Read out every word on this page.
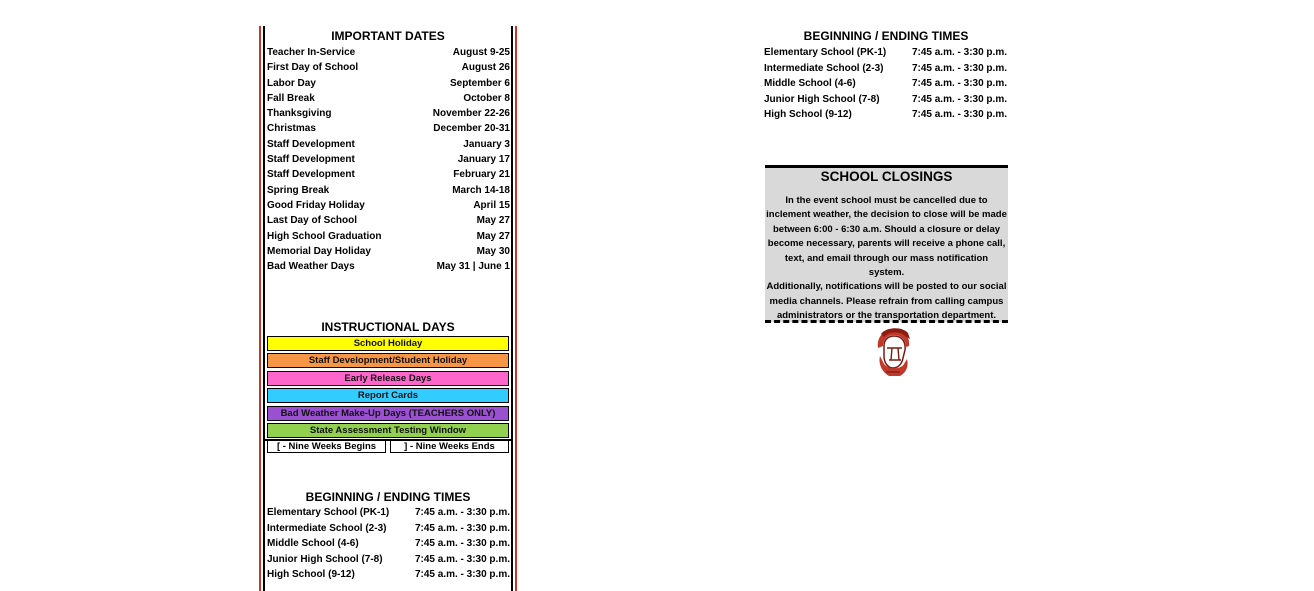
IMPORTANT DATES
Teacher In-Service	August 9-25
First Day of School	August 26
Labor Day	September 6
Fall Break	October 8
Thanksgiving	November 22-26
Christmas	December 20-31
Staff Development	January 3
Staff Development	January 17
Staff Development	February 21
Spring Break	March 14-18
Good Friday Holiday	April 15
Last Day of School	May 27
High School Graduation	May 27
Memorial Day Holiday	May 30
Bad Weather Days	May 31 | June 1
INSTRUCTIONAL DAYS
School Holiday
Staff Development/Student Holiday
Early Release Days
Report Cards
Bad Weather Make-Up Days (TEACHERS ONLY)
State Assessment Testing Window
[ - Nine Weeks Begins	] - Nine Weeks Ends
BEGINNING / ENDING TIMES
Elementary School (PK-1)	7:45 a.m. - 3:30 p.m.
Intermediate School (2-3)	7:45 a.m. - 3:30 p.m.
Middle School (4-6)	7:45 a.m. - 3:30 p.m.
Junior High School (7-8)	7:45 a.m. - 3:30 p.m.
High School (9-12)	7:45 a.m. - 3:30 p.m.
BEGINNING / ENDING TIMES
Elementary School (PK-1)	7:45 a.m. - 3:30 p.m.
Intermediate School (2-3)	7:45 a.m. - 3:30 p.m.
Middle School (4-6)	7:45 a.m. - 3:30 p.m.
Junior High School (7-8)	7:45 a.m. - 3:30 p.m.
High School (9-12)	7:45 a.m. - 3:30 p.m.
SCHOOL CLOSINGS
In the event school must be cancelled due to
inclement weather, the decision to close will be made
between 6:00 - 6:30 a.m. Should a closure or delay
become necessary, parents will receive a phone call,
text, and email through our mass notification system.
Additionally, notifications will be posted to our social
media channels. Please refrain from calling campus
administrators or the transportation department.
